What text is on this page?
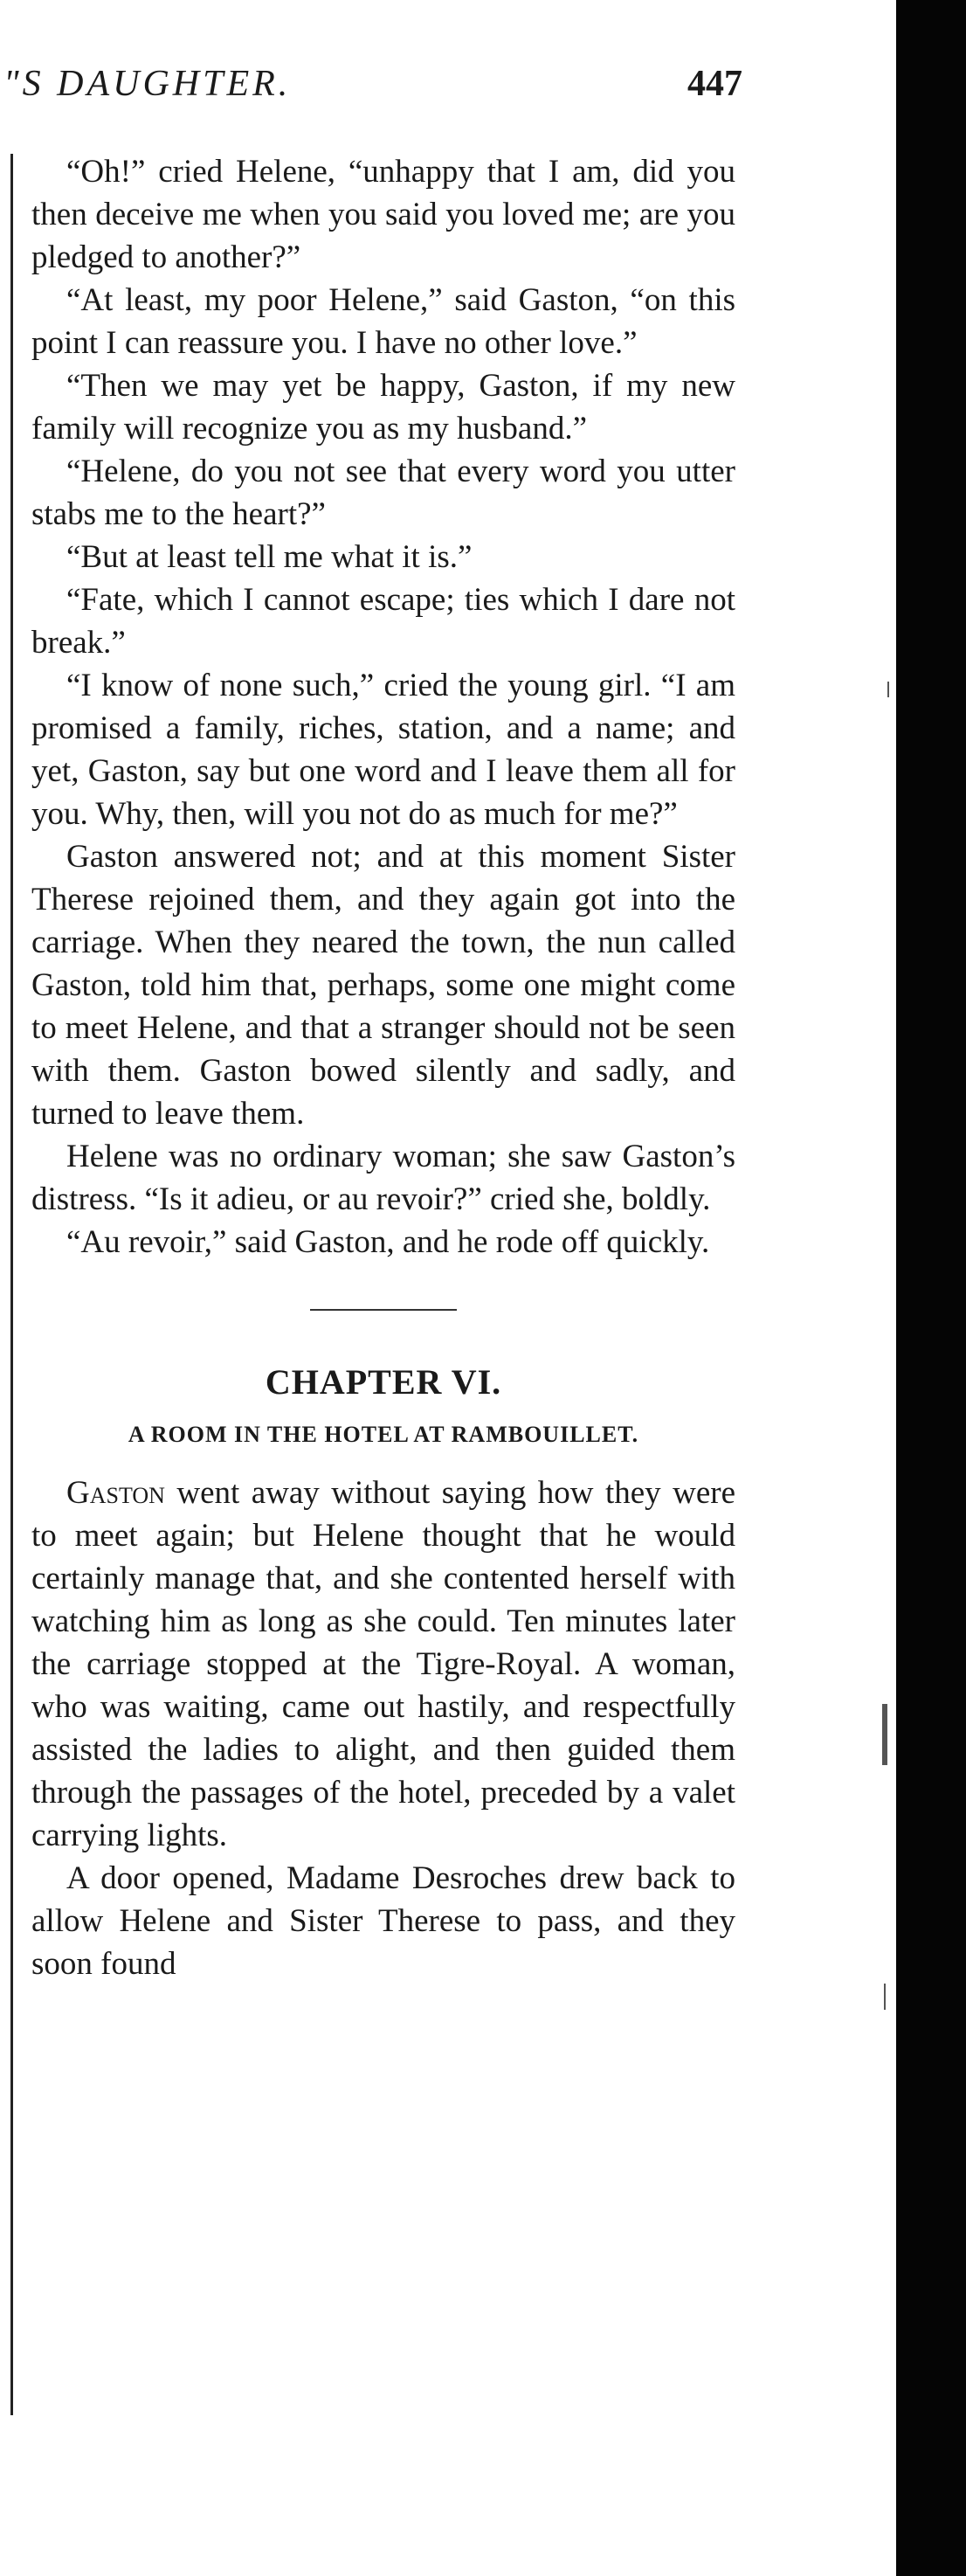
"S DAUGHTER.	447

“Oh!” cried Helene, “unhappy that I am, did you then deceive me when you said you loved me; are you pledged to another?”

“At least, my poor Helene,” said Gaston, “on this point I can reassure you. I have no other love.”

“Then we may yet be happy, Gaston, if my new family will recognize you as my husband.”

“Helene, do you not see that every word you utter stabs me to the heart?”

“But at least tell me what it is.”

“Fate, which I cannot escape; ties which I dare not break.”

“I know of none such,” cried the young girl. “I am promised a family, riches, station, and a name; and yet, Gaston, say but one word and I leave them all for you. Why, then, will you not do as much for me?”

Gaston answered not; and at this moment Sister Therese rejoined them, and they again got into the carriage. When they neared the town, the nun called Gaston, told him that, perhaps, some one might come to meet Helene, and that a stranger should not be seen with them. Gaston bowed silently and sadly, and turned to leave them.

Helene was no ordinary woman; she saw Gaston’s distress. “Is it adieu, or au revoir?” cried she, boldly.

“Au revoir,” said Gaston, and he rode off quickly.

CHAPTER VI.
A ROOM IN THE HOTEL AT RAMBOUILLET.

Gaston went away without saying how they were to meet again; but Helene thought that he would certainly manage that, and she contented herself with watching him as long as she could. Ten minutes later the carriage stopped at the Tigre-Royal. A woman, who was waiting, came out hastily, and respectfully assisted the ladies to alight, and then guided them through the passages of the hotel, preceded by a valet carrying lights.

A door opened, Madame Desroches drew back to allow Helene and Sister Therese to pass, and they soon found
